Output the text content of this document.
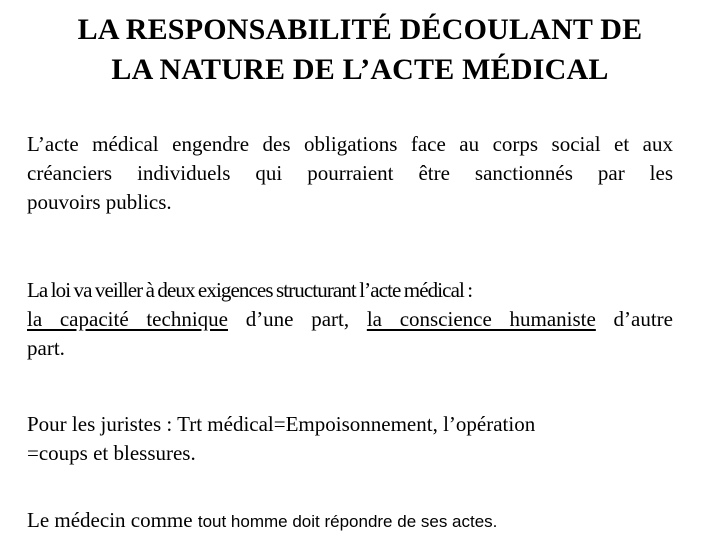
LA RESPONSABILITÉ DÉCOULANT DE
LA NATURE DE L’ACTE MÉDICAL
L’acte médical engendre des obligations face au corps social et aux
créanciers individuels qui pourraient être sanctionnés par les
pouvoirs publics.
La loi va veiller à deux exigences structurant l’acte médical :
la capacité technique d’une part, la conscience humaniste d’autre
part.
Pour les juristes : Trt médical=Empoisonnement, l’opération
=coups et blessures.
Le médecin comme tout homme doit répondre de ses actes.
